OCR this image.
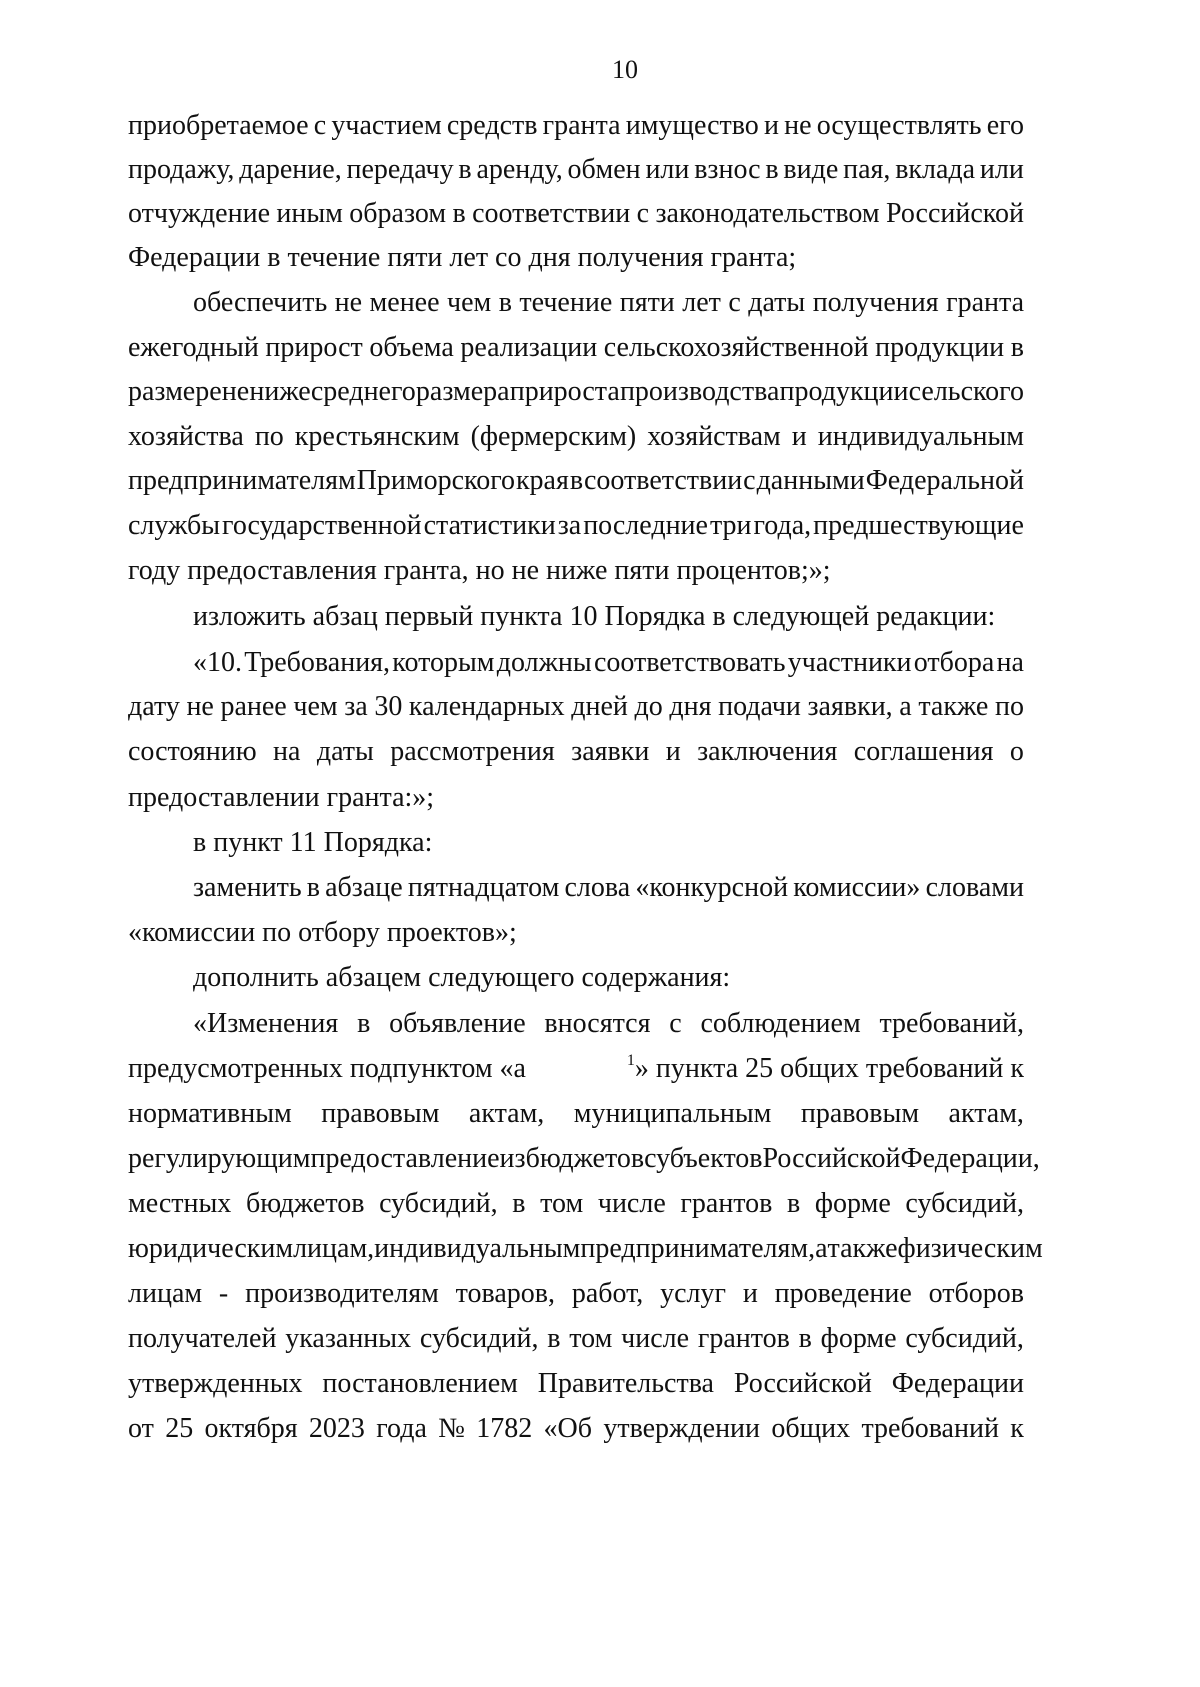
10
приобретаемое с участием средств гранта имущество и не осуществлять его
продажу, дарение, передачу в аренду, обмен или взнос в виде пая, вклада или
отчуждение иным образом в соответствии с законодательством Российской
Федерации в течение пяти лет со дня получения гранта;
обеспечить не менее чем в течение пяти лет с даты получения гранта
ежегодный прирост объема реализации сельскохозяйственной продукции в
размере не ниже среднего размера прироста производства продукции сельского
хозяйства по крестьянским (фермерским) хозяйствам и индивидуальным
предпринимателям Приморского края в соответствии с данными Федеральной
службы государственной статистики за последние три года, предшествующие
году предоставления гранта, но не ниже пяти процентов;»;
изложить абзац первый пункта 10 Порядка в следующей редакции:
«10. Требования, которым должны соответствовать участники отбора на
дату не ранее чем за 30 календарных дней до дня подачи заявки, а также по
состоянию на даты рассмотрения заявки и заключения соглашения о
предоставлении гранта:»;
в пункт 11 Порядка:
заменить в абзаце пятнадцатом слова «конкурсной комиссии» словами
«комиссии по отбору проектов»;
дополнить абзацем следующего содержания:
«Изменения в объявление вносятся с соблюдением требований,
предусмотренных подпунктом «а	$^1$» пункта 25 общих требований к
нормативным правовым актам, муниципальным правовым актам,
регулирующим предоставление из бюджетов субъектов Российской Федерации,
местных бюджетов субсидий, в том числе грантов в форме субсидий,
юридическим лицам, индивидуальным предпринимателям, а также физическим
лицам - производителям товаров, работ, услуг и проведение отборов
получателей указанных субсидий, в том числе грантов в форме субсидий,
утвержденных постановлением Правительства Российской Федерации
от 25 октября 2023 года № 1782 «Об утверждении общих требований к
